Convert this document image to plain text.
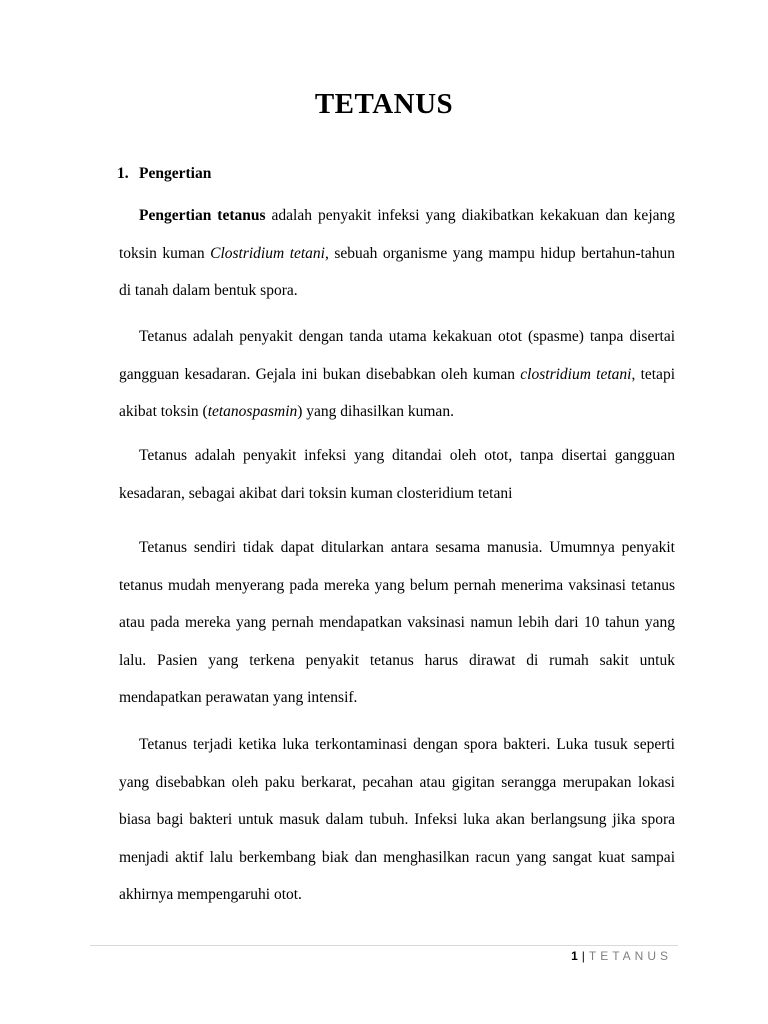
TETANUS
1. Pengertian

Pengertian tetanus adalah penyakit infeksi yang diakibatkan kekakuan dan kejang toksin kuman Clostridium tetani, sebuah organisme yang mampu hidup bertahun-tahun di tanah dalam bentuk spora.

Tetanus adalah penyakit dengan tanda utama kekakuan otot (spasme) tanpa disertai gangguan kesadaran. Gejala ini bukan disebabkan oleh kuman clostridium tetani, tetapi akibat toksin (tetanospasmin) yang dihasilkan kuman.

Tetanus adalah penyakit infeksi yang ditandai oleh otot, tanpa disertai gangguan kesadaran, sebagai akibat dari toksin kuman closteridium tetani

Tetanus sendiri tidak dapat ditularkan antara sesama manusia. Umumnya penyakit tetanus mudah menyerang pada mereka yang belum pernah menerima vaksinasi tetanus atau pada mereka yang pernah mendapatkan vaksinasi namun lebih dari 10 tahun yang lalu. Pasien yang terkena penyakit tetanus harus dirawat di rumah sakit untuk mendapatkan perawatan yang intensif.

Tetanus terjadi ketika luka terkontaminasi dengan spora bakteri. Luka tusuk seperti yang disebabkan oleh paku berkarat, pecahan atau gigitan serangga merupakan lokasi biasa bagi bakteri untuk masuk dalam tubuh. Infeksi luka akan berlangsung jika spora menjadi aktif lalu berkembang biak dan menghasilkan racun yang sangat kuat sampai akhirnya mempengaruhi otot.

1 | TETANUS
